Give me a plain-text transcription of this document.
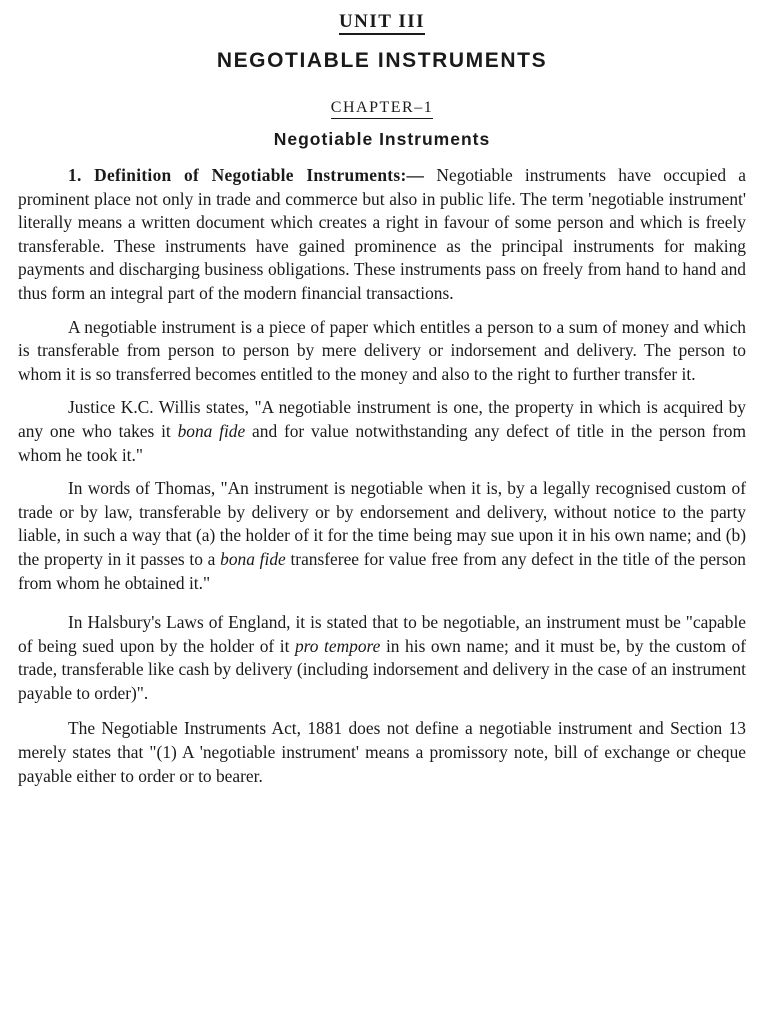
UNIT III
NEGOTIABLE INSTRUMENTS
CHAPTER–1
Negotiable Instruments

1. Definition of Negotiable Instruments:— Negotiable instruments have occupied a prominent place not only in trade and commerce but also in public life. The term 'negotiable instrument' literally means a written document which creates a right in favour of some person and which is freely transferable. These instruments have gained prominence as the principal instruments for making payments and discharging business obligations. These instruments pass on freely from hand to hand and thus form an integral part of the modern financial transactions.

A negotiable instrument is a piece of paper which entitles a person to a sum of money and which is transferable from person to person by mere delivery or indorsement and delivery. The person to whom it is so transferred becomes entitled to the money and also to the right to further transfer it.

Justice K.C. Willis states, "A negotiable instrument is one, the property in which is acquired by any one who takes it bona fide and for value notwithstanding any defect of title in the person from whom he took it."

In words of Thomas, "An instrument is negotiable when it is, by a legally recognised custom of trade or by law, transferable by delivery or by endorsement and delivery, without notice to the party liable, in such a way that (a) the holder of it for the time being may sue upon it in his own name; and (b) the property in it passes to a bona fide transferee for value free from any defect in the title of the person from whom he obtained it."

In Halsbury's Laws of England, it is stated that to be negotiable, an instrument must be "capable of being sued upon by the holder of it pro tempore in his own name; and it must be, by the custom of trade, transferable like cash by delivery (including indorsement and delivery in the case of an instrument payable to order)".

The Negotiable Instruments Act, 1881 does not define a negotiable instrument and Section 13 merely states that "(1) A 'negotiable instrument' means a promissory note, bill of exchange or cheque payable either to order or to bearer.
